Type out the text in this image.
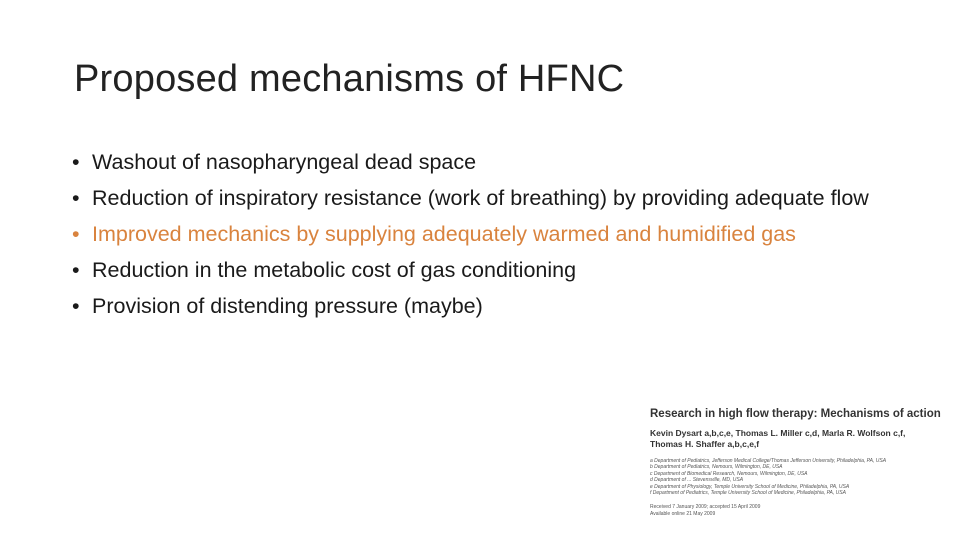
Proposed mechanisms of HFNC
• Washout of nasopharyngeal dead space
• Reduction of inspiratory resistance (work of breathing) by providing adequate flow
• Improved mechanics by supplying adequately warmed and humidified gas
• Reduction in the metabolic cost of gas conditioning
• Provision of distending pressure (maybe)
Research in high flow therapy: Mechanisms of action
Kevin Dysart a,b,c,e, Thomas L. Miller c,d, Marla R. Wolfson c,f,
Thomas H. Shaffer a,b,c,e,f
a Department of Pediatrics, Jefferson Medical College/Thomas Jefferson University, Philadelphia, PA, USA
b Department of Pediatrics, Nemours, Wilmington, DE, USA
c Department of Biomedical Research, Nemours, Wilmington, DE, USA
d Department of ... Stevensville, MD, USA
e Department of Physiology, Temple University School of Medicine, Philadelphia, PA, USA
f Department of Pediatrics, Temple University School of Medicine, Philadelphia, PA, USA
Received 7 January 2009; accepted 15 April 2009
Available online 21 May 2009
